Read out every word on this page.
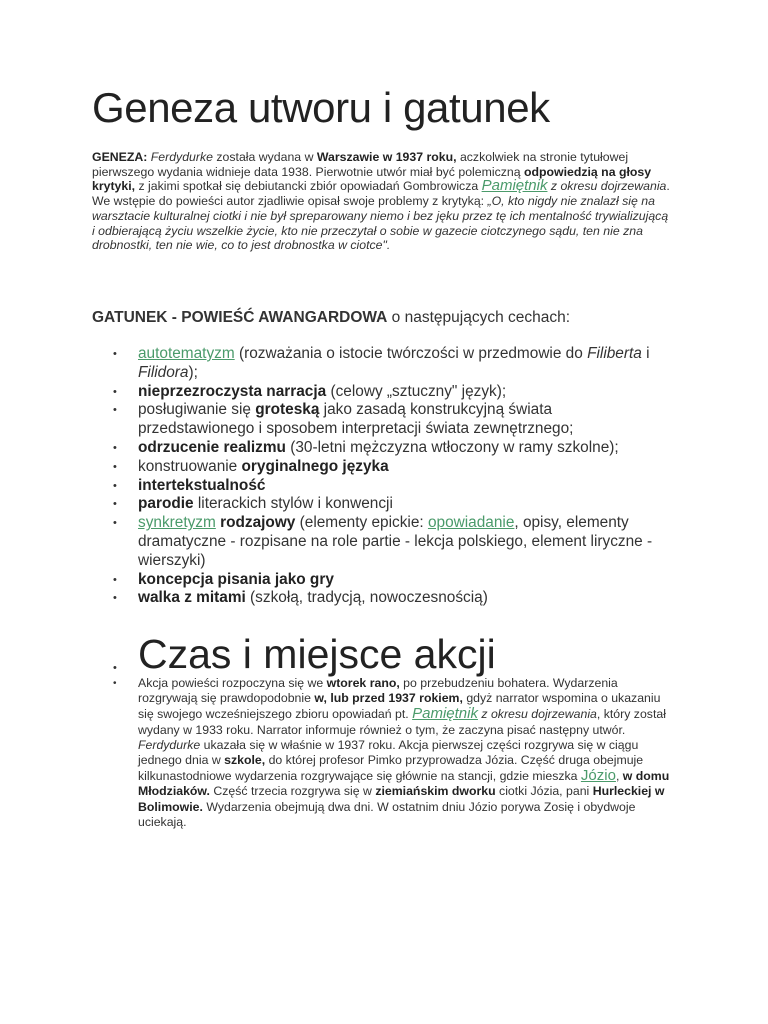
Geneza utworu i gatunek
GENEZA: Ferdydurke została wydana w Warszawie w 1937 roku, aczkolwiek na stronie tytułowej pierwszego wydania widnieje data 1938. Pierwotnie utwór miał być polemiczną odpowiedzią na głosy krytyki, z jakimi spotkał się debiutancki zbiór opowiadań Gombrowicza Pamiętnik z okresu dojrzewania. We wstępie do powieści autor zjadliwie opisał swoje problemy z krytyką: „O, kto nigdy nie znalazł się na warsztacie kulturalnej ciotki i nie był spreparowany niemo i bez jęku przez tę ich mentalność trywializującą i odbierającą życiu wszelkie życie, kto nie przeczytał o sobie w gazecie ciotczynego sądu, ten nie zna drobnostki, ten nie wie, co to jest drobnostka w ciotce".
GATUNEK - POWIEŚĆ AWANGARDOWA o następujących cechach:
• autotematyzm (rozważania o istocie twórczości w przedmowie do Filiberta i Filidora);
• nieprzezroczysta narracja (celowy „sztuczny" język);
• posługiwanie się groteską jako zasadą konstrukcyjną świata przedstawionego i sposobem interpretacji świata zewnętrznego;
• odrzucenie realizmu (30-letni mężczyzna wtłoczony w ramy szkolne);
• konstruowanie oryginalnego języka
• intertekstualność
• parodie literackich stylów i konwencji
• synkretyzm rodzajowy (elementy epickie: opowiadanie, opisy, elementy dramatyczne - rozpisane na role partie - lekcja polskiego, element liryczne - wierszyki)
• koncepcja pisania jako gry
• walka z mitami (szkołą, tradycją, nowoczesnością)
• Czas i miejsce akcji
•	Akcja powieści rozpoczyna się we wtorek rano, po przebudzeniu bohatera. Wydarzenia rozgrywają się prawdopodobnie w, lub przed 1937 rokiem, gdyż narrator wspomina o ukazaniu się swojego wcześniejszego zbioru opowiadań pt. Pamiętnik z okresu dojrzewania, który został wydany w 1933 roku. Narrator informuje również o tym, że zaczyna pisać następny utwór. Ferdydurke ukazała się w właśnie w 1937 roku. Akcja pierwszej części rozgrywa się w ciągu jednego dnia w szkole, do której profesor Pimko przyprowadza Józia. Część druga obejmuje kilkunastodniowe wydarzenia rozgrywające się głównie na stancji, gdzie mieszka Józio, w domu Młodziaków. Część trzecia rozgrywa się w ziemiańskim dworku ciotki Józia, pani Hurleckiej w Bolimowie. Wydarzenia obejmują dwa dni. W ostatnim dniu Józio porywa Zosię i obydwoje uciekają.
